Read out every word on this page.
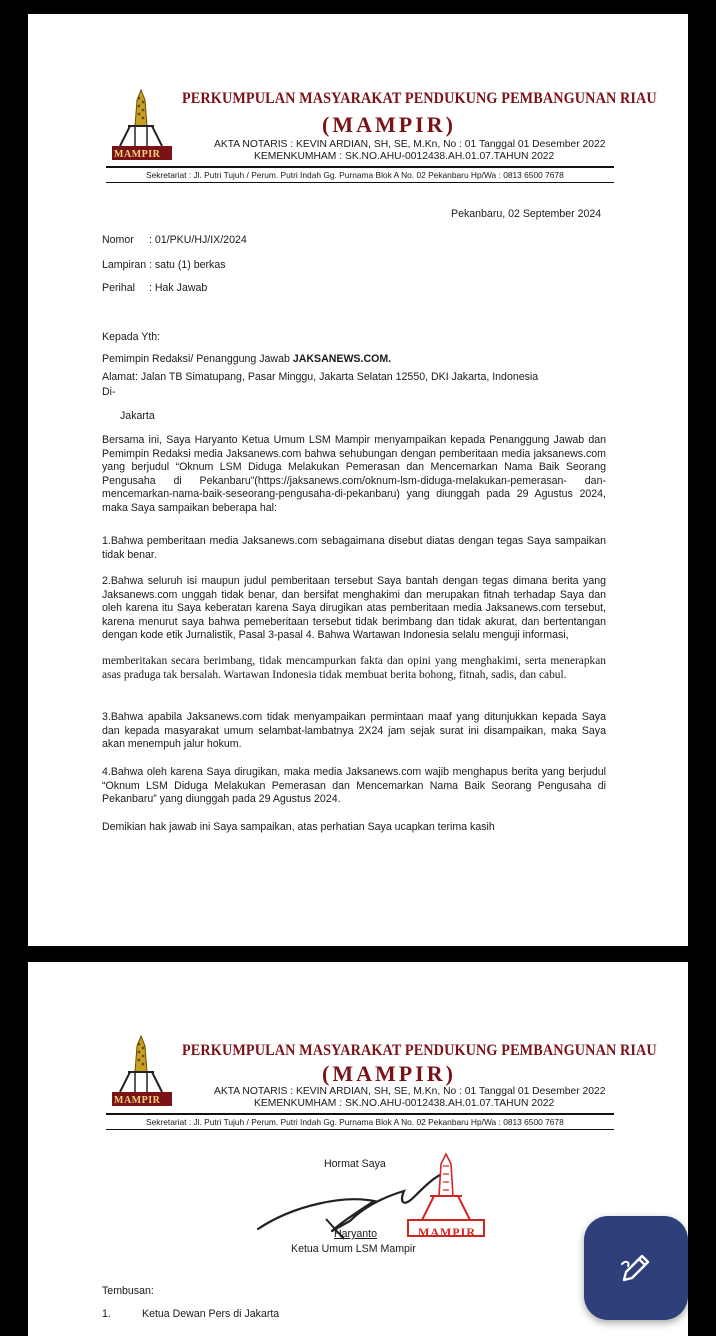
MAMPIR
PERKUMPULAN MASYARAKAT PENDUKUNG PEMBANGUNAN RIAU
(MAMPIR)
AKTA NOTARIS : KEVIN ARDIAN, SH, SE, M.Kn, No : 01 Tanggal 01 Desember 2022
KEMENKUMHAM : SK.NO.AHU-0012438.AH.01.07.TAHUN 2022
Sekretariat : Jl. Putri Tujuh / Perum. Putri Indah Gg. Purnama Blok A No. 02 Pekanbaru Hp/Wa : 0813 6500 7678
Pekanbaru, 02 September 2024
Nomor : 01/PKU/HJ/IX/2024
Lampiran : satu (1) berkas
Perihal : Hak Jawab
Kepada Yth:
Pemimpin Redaksi/ Penanggung Jawab JAKSANEWS.COM.
Alamat: Jalan TB Simatupang, Pasar Minggu, Jakarta Selatan 12550, DKI Jakarta, Indonesia
Di-
Jakarta
Bersama ini, Saya Haryanto Ketua Umum LSM Mampir menyampaikan kepada Penanggung Jawab dan Pemimpin Redaksi media Jaksanews.com bahwa sehubungan dengan pemberitaan media jaksanews.com yang berjudul “Oknum LSM Diduga Melakukan Pemerasan dan Mencemarkan Nama Baik Seorang Pengusaha di Pekanbaru”(https://jaksanews.com/oknum-lsm-diduga-melakukan-pemerasan- dan-mencemarkan-nama-baik-seseorang-pengusaha-di-pekanbaru) yang diunggah pada 29 Agustus 2024, maka Saya sampaikan beberapa hal:
1.Bahwa pemberitaan media Jaksanews.com sebagaimana disebut diatas dengan tegas Saya sampaikan tidak benar.
2.Bahwa seluruh isi maupun judul pemberitaan tersebut Saya bantah dengan tegas dimana berita yang Jaksanews.com unggah tidak benar, dan bersifat menghakimi dan merupakan fitnah terhadap Saya dan oleh karena itu Saya keberatan karena Saya dirugikan atas pemberitaan media Jaksanews.com tersebut, karena menurut saya bahwa pemeberitaan tersebut tidak berimbang dan tidak akurat, dan bertentangan dengan kode etik Jurnalistik, Pasal 3-pasal 4. Bahwa Wartawan Indonesia selalu menguji informasi,
memberitakan secara berimbang, tidak mencampurkan fakta dan opini yang menghakimi, serta menerapkan asas praduga tak bersalah. Wartawan Indonesia tidak membuat berita bohong, fitnah, sadis, dan cabul.
3.Bahwa apabila Jaksanews.com tidak menyampaikan permintaan maaf yang ditunjukkan kepada Saya dan kepada masyarakat umum selambat-lambatnya 2X24 jam sejak surat ini disampaikan, maka Saya akan menempuh jalur hokum.
4.Bahwa oleh karena Saya dirugikan, maka media Jaksanews.com wajib menghapus berita yang berjudul “Oknum LSM Diduga Melakukan Pemerasan dan Mencemarkan Nama Baik Seorang Pengusaha di Pekanbaru” yang diunggah pada 29 Agustus 2024.
Demikian hak jawab ini Saya sampaikan, atas perhatian Saya ucapkan terima kasih
MAMPIR
PERKUMPULAN MASYARAKAT PENDUKUNG PEMBANGUNAN RIAU
(MAMPIR)
AKTA NOTARIS : KEVIN ARDIAN, SH, SE, M.Kn, No : 01 Tanggal 01 Desember 2022
KEMENKUMHAM : SK.NO.AHU-0012438.AH.01.07.TAHUN 2022
Sekretariat : Jl. Putri Tujuh / Perum. Putri Indah Gg. Purnama Blok A No. 02 Pekanbaru Hp/Wa : 0813 6500 7678
Hormat Saya
MAMPIR
Haryanto
Ketua Umum LSM Mampir
Tembusan:
1.	Ketua Dewan Pers di Jakarta
